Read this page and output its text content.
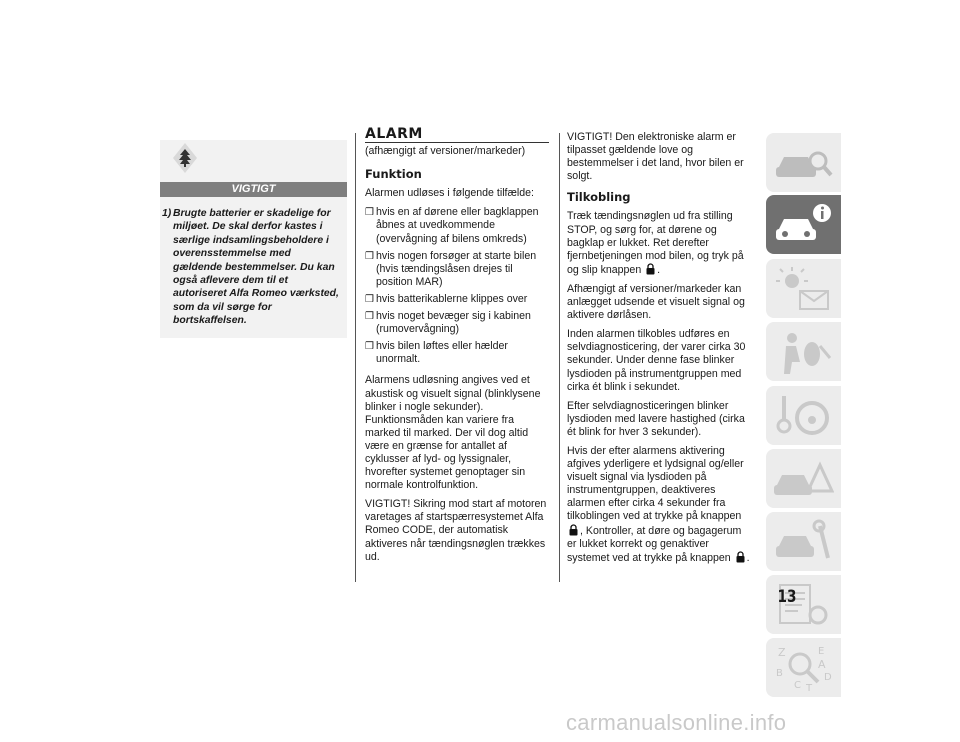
VIGTIGT
1) Brugte batterier er skadelige for miljøet. De skal derfor kastes i særlige indsamlingsbeholdere i overensstemmelse med gældende bestemmelser. Du kan også aflevere dem til et autoriseret Alfa Romeo værksted, som da vil sørge for bortskaffelsen.
ALARM

(afhængigt af versioner/markeder)

Funktion

Alarmen udløses i følgende tilfælde:

❒ hvis en af dørene eller bagklappen åbnes at uvedkommende (overvågning af bilens omkreds)
❒ hvis nogen forsøger at starte bilen (hvis tændingslåsen drejes til position MAR)
❒ hvis batterikablerne klippes over
❒ hvis noget bevæger sig i kabinen (rumovervågning)
❒ hvis bilen løftes eller hælder unormalt.

Alarmens udløsning angives ved et akustisk og visuelt signal (blinklysene blinker i nogle sekunder). Funktionsmåden kan variere fra marked til marked. Der vil dog altid være en grænse for antallet af cyklusser af lyd- og lyssignaler, hvorefter systemet genoptager sin normale kontrolfunktion.

VIGTIGT! Sikring mod start af motoren varetages af startspærresystemet Alfa Romeo CODE, der automatisk aktiveres når tændingsnøglen trækkes ud.

VIGTIGT! Den elektroniske alarm er tilpasset gældende love og bestemmelser i det land, hvor bilen er solgt.

Tilkobling

Træk tændingsnøglen ud fra stilling STOP, og sørg for, at dørene og bagklap er lukket. Ret derefter fjernbetjeningen mod bilen, og tryk på og slip knappen .

Afhængigt af versioner/markeder kan anlægget udsende et visuelt signal og aktivere dørlåsen.

Inden alarmen tilkobles udføres en selvdiagnosticering, der varer cirka 30 sekunder. Under denne fase blinker lysdioden på instrumentgruppen med cirka ét blink i sekundet.

Efter selvdiagnosticeringen blinker lysdioden med lavere hastighed (cirka ét blink for hver 3 sekunder).

Hvis der efter alarmens aktivering afgives yderligere et lydsignal og/eller visuelt signal via lysdioden på instrumentgruppen, deaktiveres alarmen efter cirka 4 sekunder fra tilkoblingen ved at trykke på knappen , Kontroller, at døre og bagagerum er lukket korrekt og genaktiver systemet ved at trykke på knappen .

Z	E
A
B
C
D
T
13
carmanualsonline.info
